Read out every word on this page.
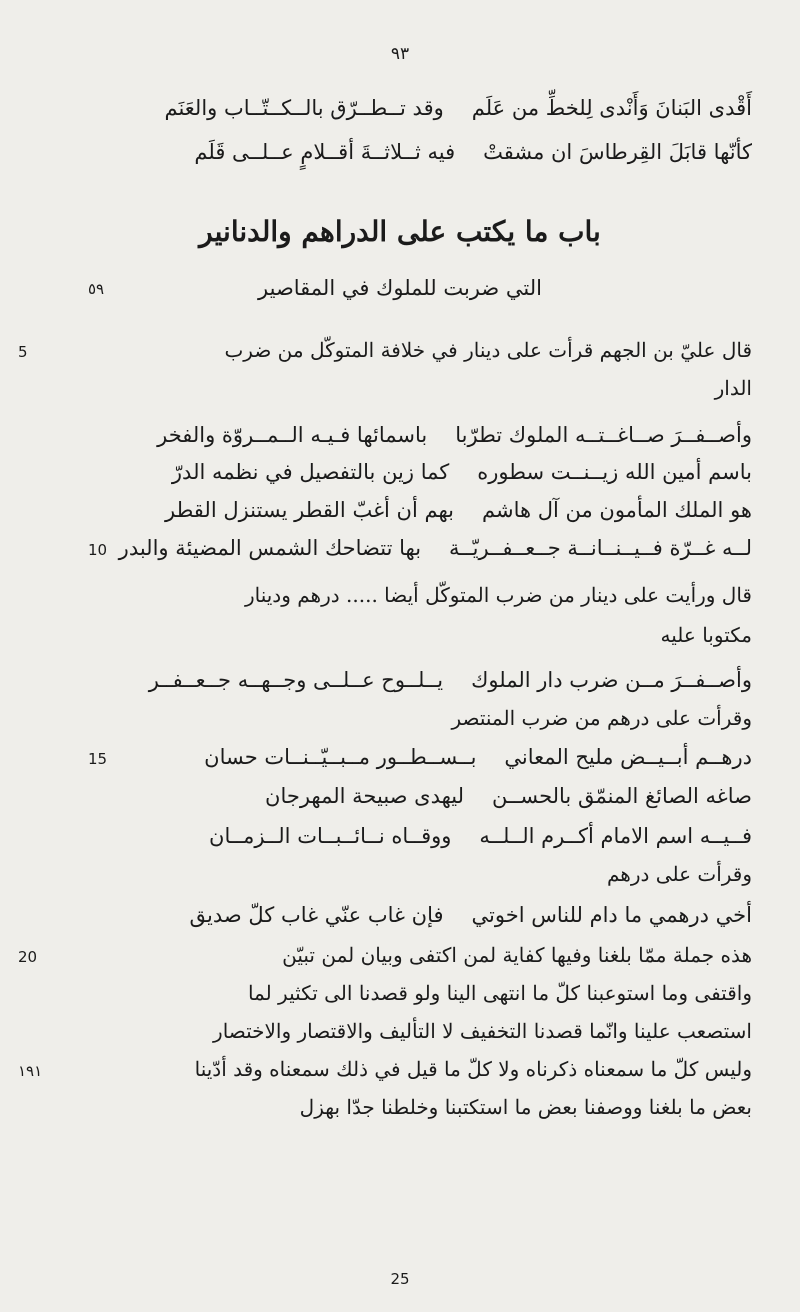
٩٣
أَقْدى البَنانَ وَأَنْدى لِلخطِّ من عَلَموقد تــطــرّق بالــكــتّــاب والعَنَم
كأنّها قابَلَ القِرطاسَ ان مشقتْفيه ثــلاثــةَ أقــلامٍ عــلــى قَلَم
باب ما يكتب على الدراهم والدنانير
التي ضربت للملوك في المقاصير
٥٩
5	قال عليّ بن الجهم قرأت على دينار في خلافة المتوكّل من ضرب
الدار
وأصــفــرَ صــاغــتــه الملوك تطرّباباسمائها فـيـه الــمــروّة والفخر
باسم أمين الله زيــنــت سطورهكما زين بالتفصيل في نظمه الدرّ
هو الملك المأمون من آل هاشمبهم أن أغبّ القطر يستنزل القطر
10	لــه غــرّة فــيــنــانــة جــعــفــريّــةبها تتضاحك الشمس المضيئة والبدر
قال ورأيت على دينار من ضرب المتوكّل أيضا ..... درهم ودينار
مكتوبا عليه
وأصــفــرَ مــن ضرب دار الملوكيــلــوح عــلــى وجــهــه جــعــفــر
وقرأت على درهم من ضرب المنتصر
15	درهــم أبــيــض مليح المعانيبــســطــور مــبــيّــنــات حسان
صاغه الصائغ المنمّق بالحســنليهدى صبيحة المهرجان
فــيــه اسم الامام أكــرم الــلــهووقــاه نــائــبــات الــزمــان
وقرأت على درهم
أخي درهمي ما دام للناس اخوتيفإن غاب عنّي غاب كلّ صديق
20	هذه جملة ممّا بلغنا وفيها كفاية لمن اكتفى وبيان لمن تبيّن
واقتفى وما استوعبنا كلّ ما انتهى الينا ولو قصدنا الى تكثير لما
استصعب علينا وانّما قصدنا التخفيف لا التأليف والاقتصار والاختصار
١٩١	وليس كلّ ما سمعناه ذكرناه ولا كلّ ما قيل في ذلك سمعناه وقد أدّينا
بعض ما بلغنا ووصفنا بعض ما استكتبنا وخلطنا جدّا بهزل
25
